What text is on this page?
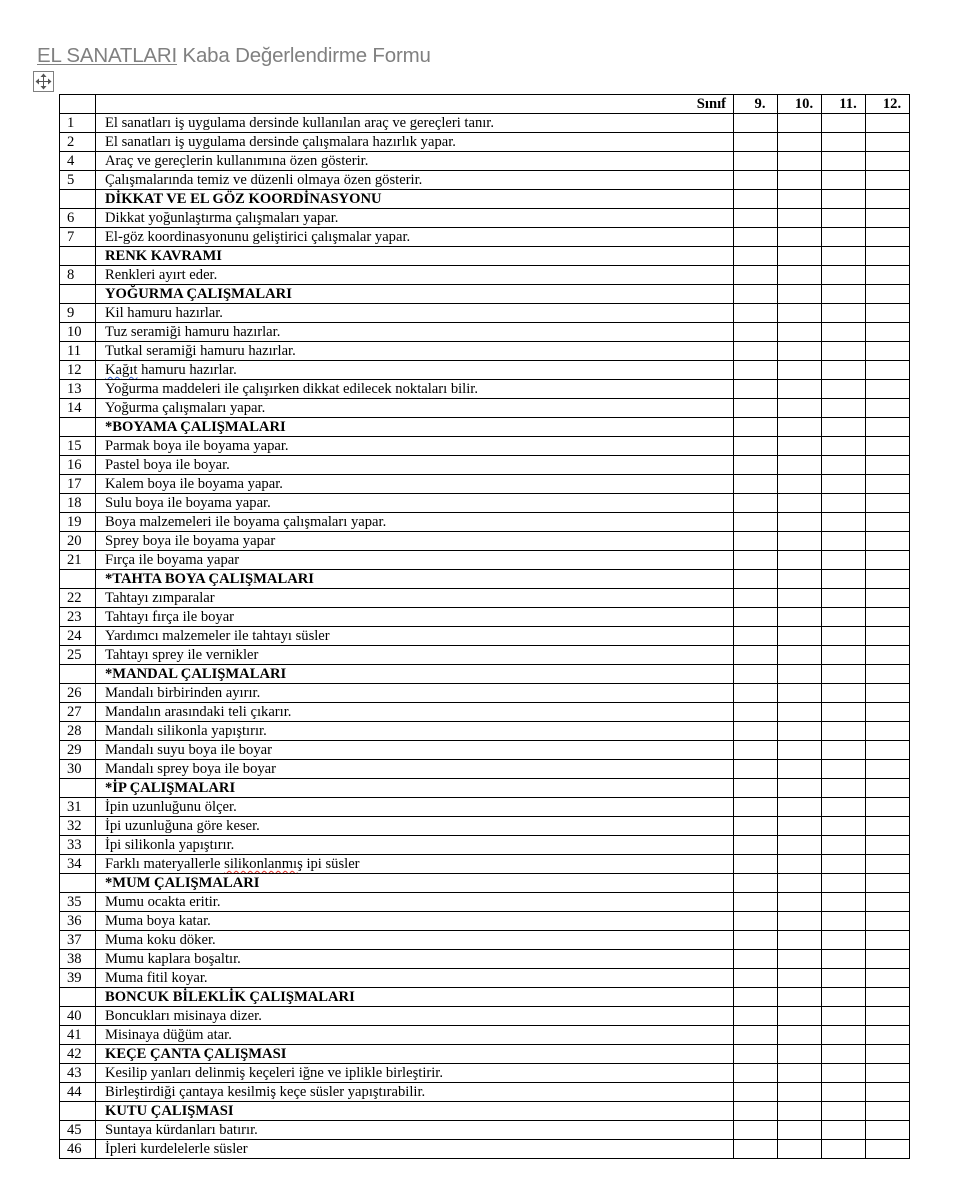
EL SANATLARI Kaba Değerlendirme Formu
	Sınıf	9.	10.	11.	12.
1	El sanatları iş uygulama dersinde kullanılan araç ve gereçleri tanır.				
2	El sanatları iş uygulama dersinde çalışmalara hazırlık yapar.				
4	Araç ve gereçlerin kullanımına özen gösterir.				
5	Çalışmalarında temiz ve düzenli olmaya özen gösterir.				
	DİKKAT VE EL GÖZ KOORDİNASYONU				
6	Dikkat yoğunlaştırma çalışmaları yapar.				
7	El-göz koordinasyonunu geliştirici çalışmalar yapar.				
	RENK KAVRAMI				
8	Renkleri ayırt eder.				
	YOĞURMA ÇALIŞMALARI				
9	Kil hamuru hazırlar.				
10	Tuz seramiği hamuru hazırlar.				
11	Tutkal seramiği hamuru hazırlar.				
12	Kağıt hamuru hazırlar.				
13	Yoğurma maddeleri ile çalışırken dikkat edilecek noktaları bilir.				
14	Yoğurma çalışmaları yapar.				
	*BOYAMA ÇALIŞMALARI				
15	Parmak boya ile boyama yapar.				
16	Pastel boya ile boyar.				
17	Kalem boya ile boyama yapar.				
18	Sulu boya ile boyama yapar.				
19	Boya malzemeleri ile boyama çalışmaları yapar.				
20	Sprey boya ile boyama yapar				
21	Fırça ile boyama yapar				
	*TAHTA BOYA ÇALIŞMALARI				
22	Tahtayı zımparalar				
23	Tahtayı fırça ile boyar				
24	Yardımcı malzemeler ile tahtayı süsler				
25	Tahtayı sprey ile vernikler				
	*MANDAL ÇALIŞMALARI				
26	Mandalı birbirinden ayırır.				
27	Mandalın arasındaki teli çıkarır.				
28	Mandalı silikonla yapıştırır.				
29	Mandalı suyu boya ile boyar				
30	Mandalı sprey boya ile boyar				
	*İP ÇALIŞMALARI				
31	İpin uzunluğunu ölçer.				
32	İpi uzunluğuna göre keser.				
33	İpi silikonla yapıştırır.				
34	Farklı materyallerle silikonlanmış ipi süsler				
	*MUM ÇALIŞMALARI				
35	Mumu ocakta eritir.				
36	Muma boya katar.				
37	Muma koku döker.				
38	Mumu kaplara boşaltır.				
39	Muma fitil koyar.				
	BONCUK BİLEKLİK ÇALIŞMALARI				
40	Boncukları misinaya dizer.				
41	Misinaya düğüm atar.				
42	KEÇE ÇANTA ÇALIŞMASI				
43	Kesilip yanları delinmiş keçeleri iğne ve iplikle birleştirir.				
44	Birleştirdiği çantaya kesilmiş keçe süsler yapıştırabilir.				
	KUTU ÇALIŞMASI				
45	Suntaya kürdanları batırır.				
46	İpleri kurdelelerle süsler				
